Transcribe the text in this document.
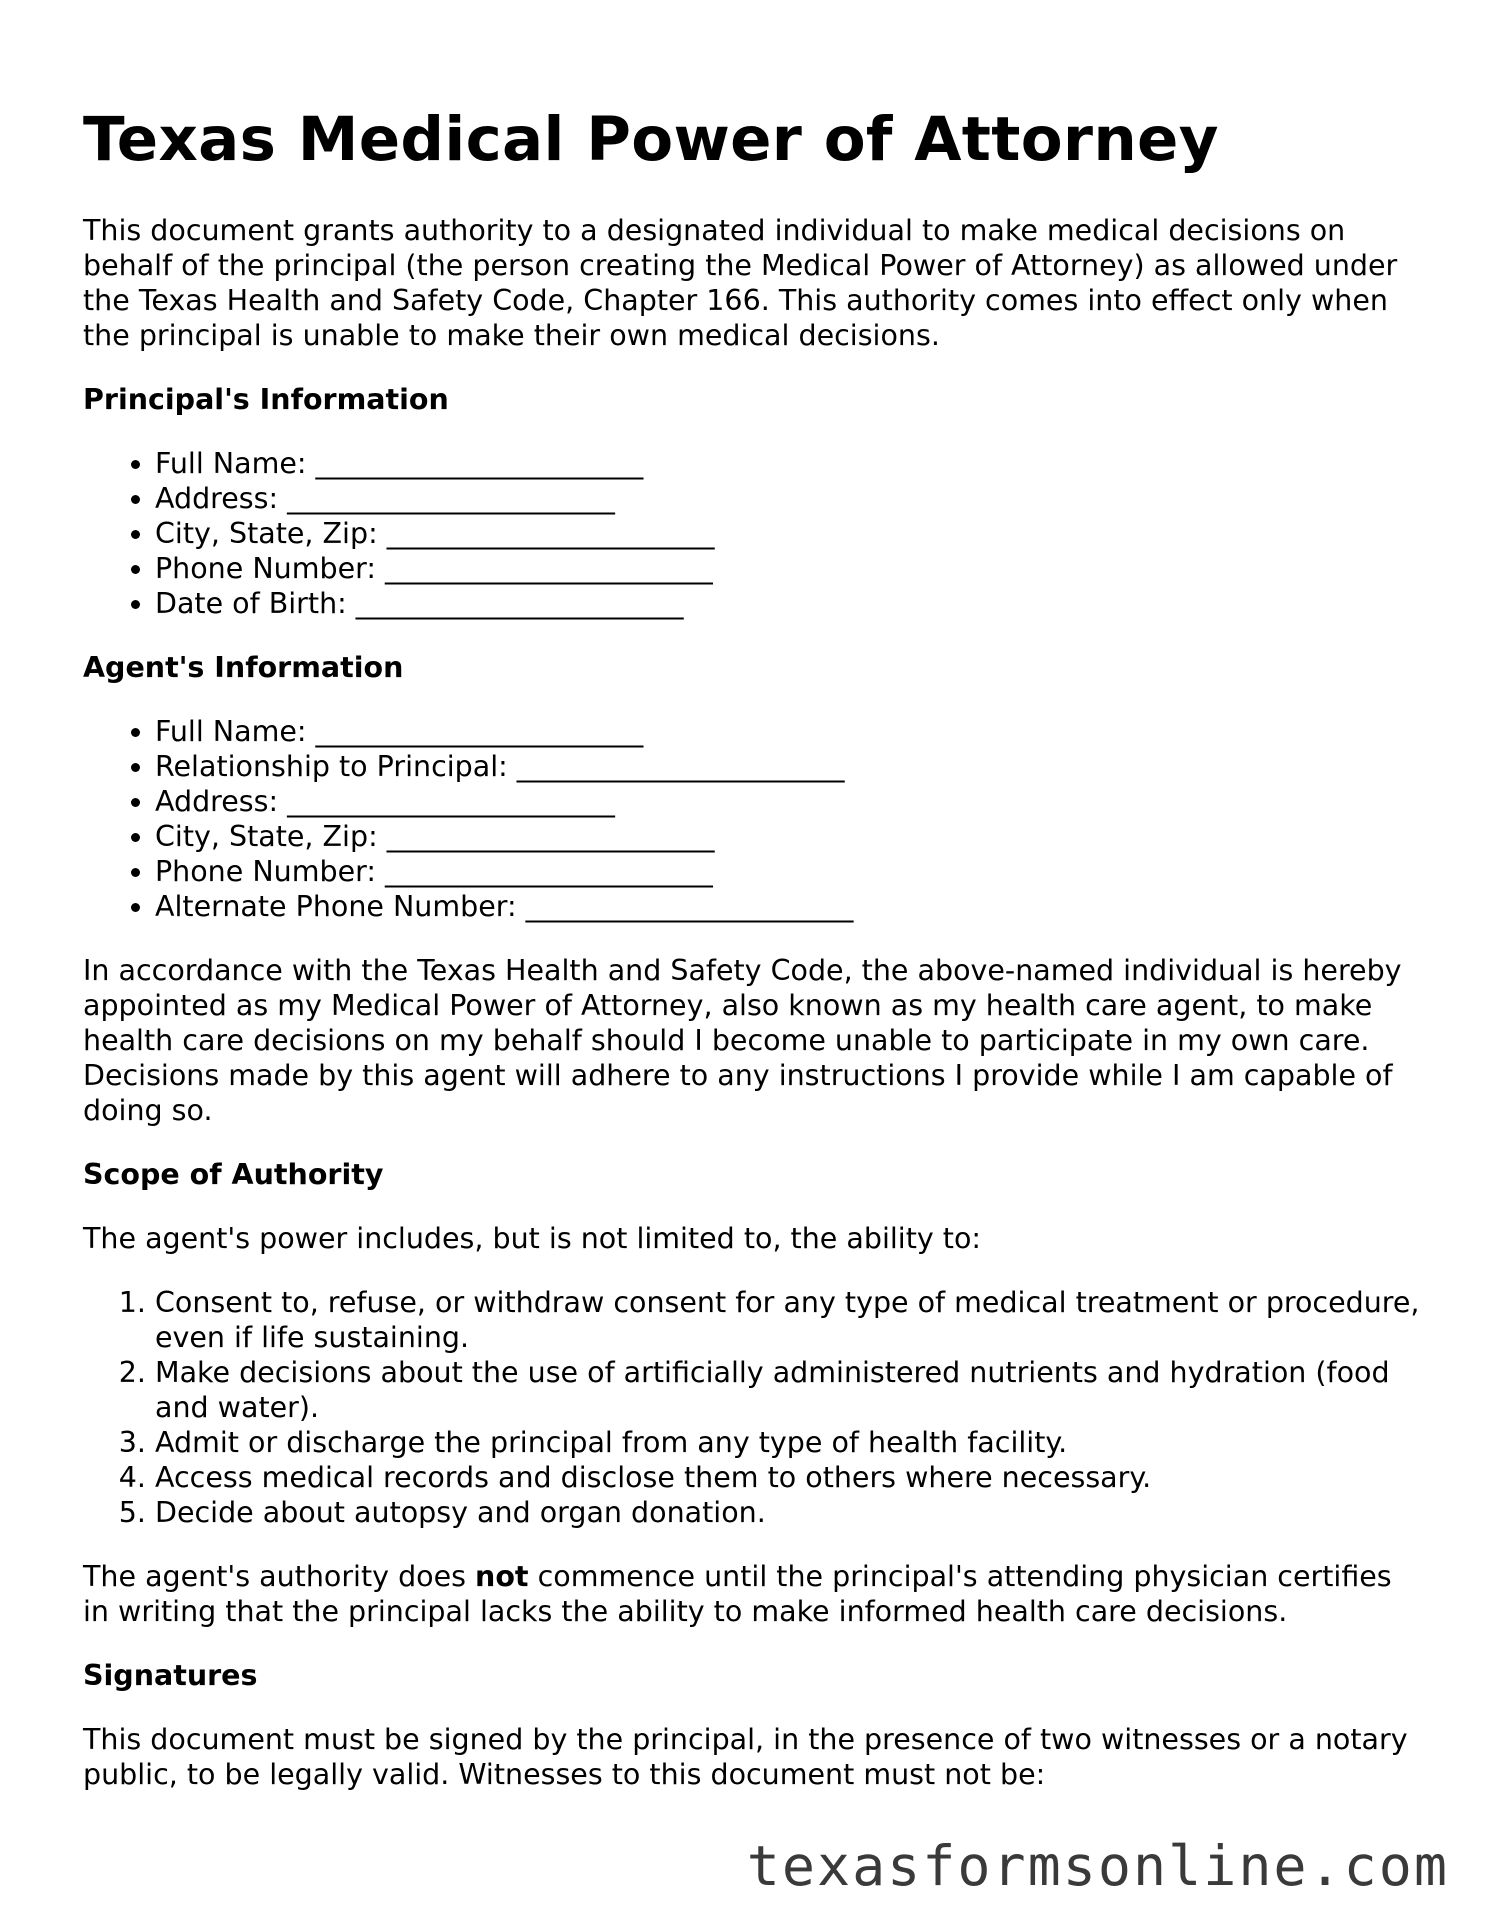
Texas Medical Power of Attorney

This document grants authority to a designated individual to make medical decisions on behalf of the principal (the person creating the Medical Power of Attorney) as allowed under the Texas Health and Safety Code, Chapter 166. This authority comes into effect only when the principal is unable to make their own medical decisions.

Principal's Information
• Full Name: _______________________
• Address: _______________________
• City, State, Zip: _______________________
• Phone Number: _______________________
• Date of Birth: _______________________
Agent's Information
• Full Name: _______________________
• Relationship to Principal: _______________________
• Address: _______________________
• City, State, Zip: _______________________
• Phone Number: _______________________
• Alternate Phone Number: _______________________

In accordance with the Texas Health and Safety Code, the above-named individual is hereby appointed as my Medical Power of Attorney, also known as my health care agent, to make health care decisions on my behalf should I become unable to participate in my own care. Decisions made by this agent will adhere to any instructions I provide while I am capable of doing so.

Scope of Authority

The agent's power includes, but is not limited to, the ability to:

1. Consent to, refuse, or withdraw consent for any type of medical treatment or procedure, even if life sustaining.
2. Make decisions about the use of artificially administered nutrients and hydration (food and water).
3. Admit or discharge the principal from any type of health facility.
4. Access medical records and disclose them to others where necessary.
5. Decide about autopsy and organ donation.

The agent's authority does not commence until the principal's attending physician certifies in writing that the principal lacks the ability to make informed health care decisions.

Signatures

This document must be signed by the principal, in the presence of two witnesses or a notary public, to be legally valid. Witnesses to this document must not be:

texasformsonline.com
